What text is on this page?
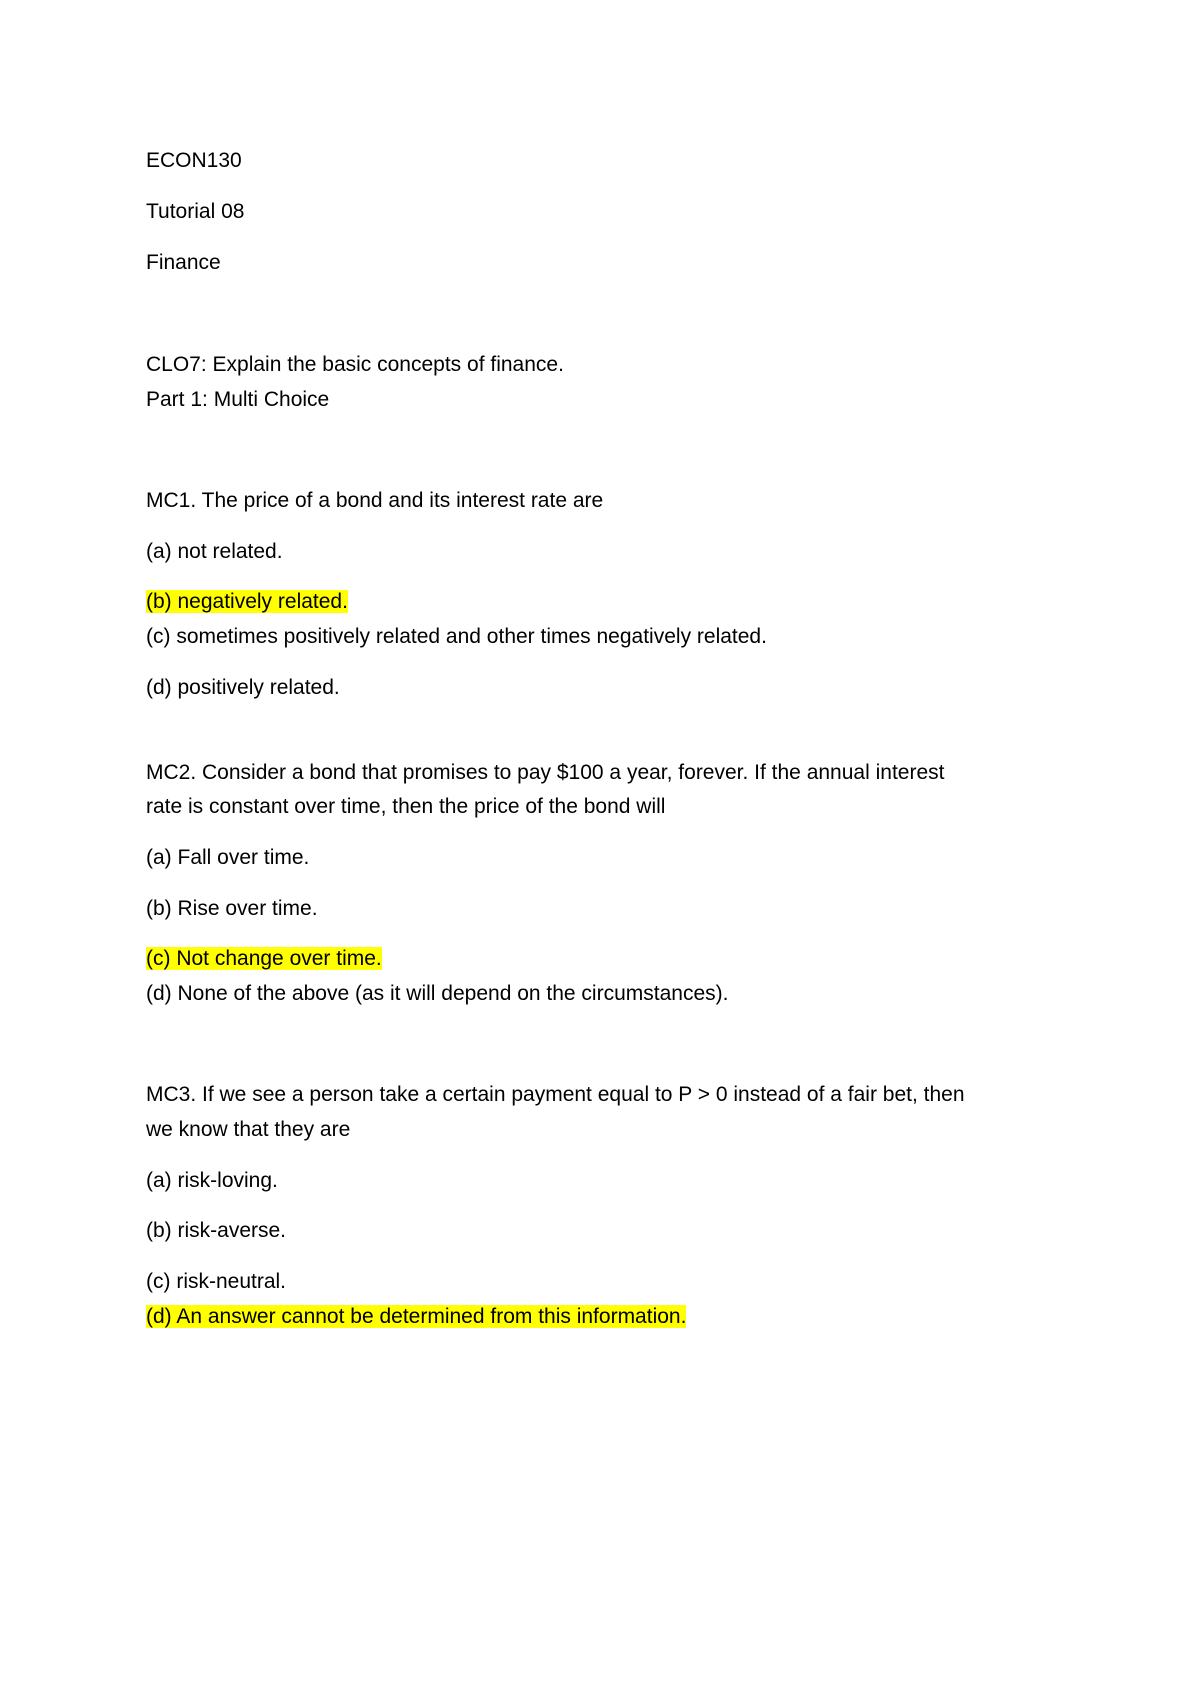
ECON130

Tutorial 08

Finance

CLO7: Explain the basic concepts of finance.

Part 1: Multi Choice

MC1. The price of a bond and its interest rate are

(a) not related.

(b) negatively related.

(c) sometimes positively related and other times negatively related.

(d) positively related.

MC2. Consider a bond that promises to pay $100 a year, forever. If the annual interest

rate is constant over time, then the price of the bond will

(a) Fall over time.

(b) Rise over time.

(c) Not change over time.

(d) None of the above (as it will depend on the circumstances).

MC3. If we see a person take a certain payment equal to P > 0 instead of a fair bet, then

we know that they are

(a) risk-loving.

(b) risk-averse.

(c) risk-neutral.

(d) An answer cannot be determined from this information.
